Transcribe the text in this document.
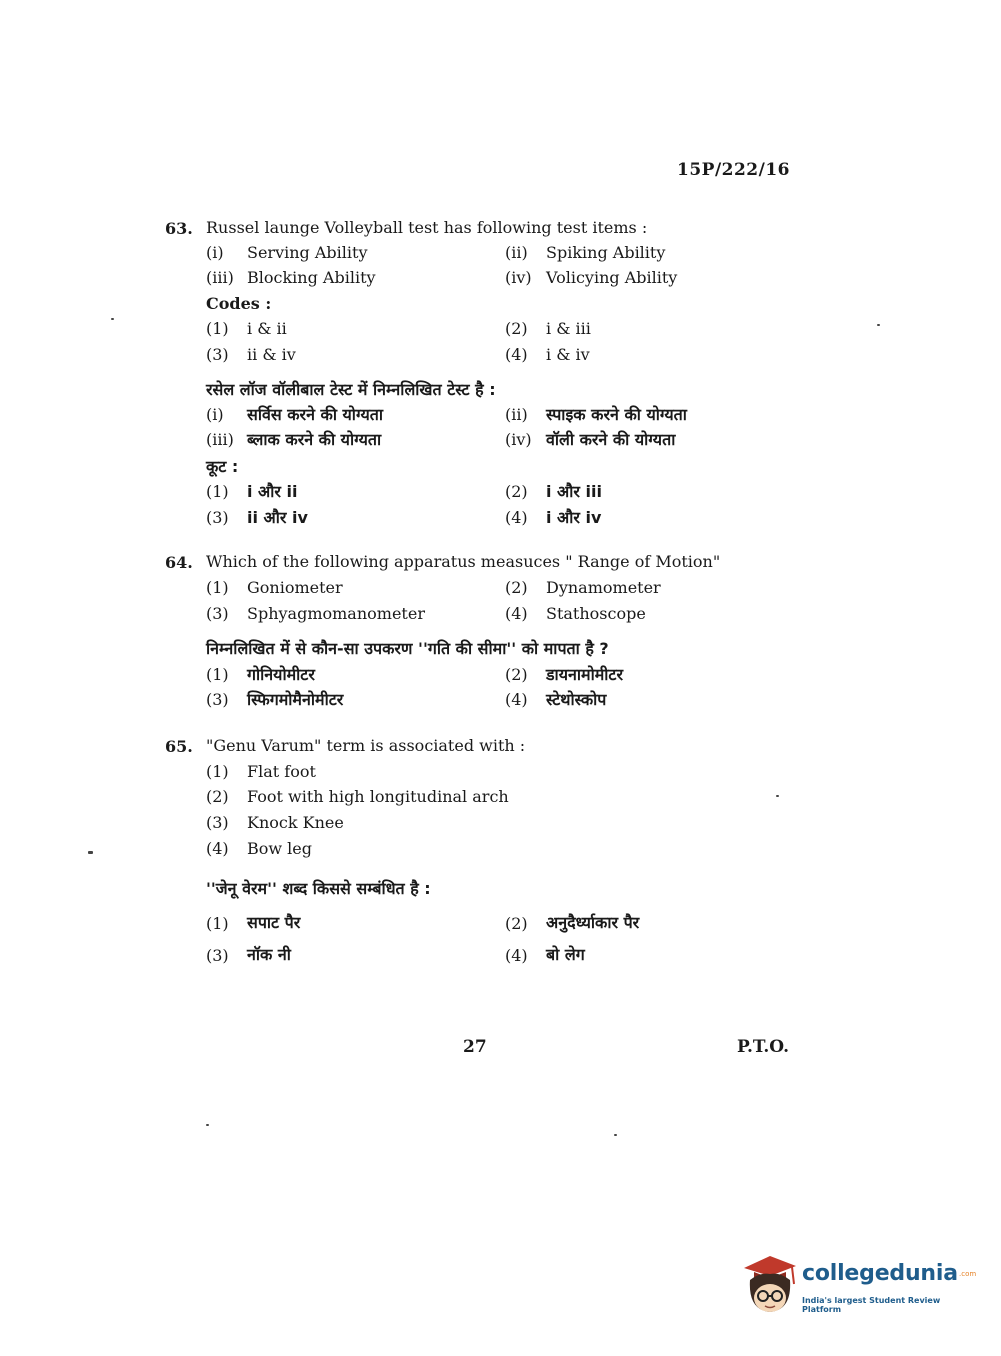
15P/222/16
63. Russel launge Volleyball test has following test items :
(i) Serving Ability	(ii) Spiking Ability
(iii) Blocking Ability	(iv) Volicying Ability
Codes :
(1) i & ii	(2) i & iii
(3) ii & iv	(4) i & iv
रसेल लॉज वॉलीबाल टेस्ट में निम्नलिखित टेस्ट है :
(i) सर्विस करने की योग्यता	(ii) स्पाइक करने की योग्यता
(iii) ब्लाक करने की योग्यता	(iv) वॉली करने की योग्यता
कूट :
(1) i और ii	(2) i और iii
(3) ii और iv	(4) i और iv
64. Which of the following apparatus measuces " Range of Motion"
(1) Goniometer	(2) Dynamometer
(3) Sphyagmomanometer	(4) Stathoscope
निम्नलिखित में से कौन-सा उपकरण ''गति की सीमा'' को मापता है ?
(1) गोनियोमीटर	(2) डायनामोमीटर
(3) स्फिगमोमैनोमीटर	(4) स्टेथोस्कोप
65. "Genu Varum" term is associated with :
(1) Flat foot
(2) Foot with high longitudinal arch
(3) Knock Knee
(4) Bow leg
''जेनू वेरम'' शब्द किससे सम्बंधित है :
(1) सपाट पैर	(2) अनुदैर्ध्याकार पैर
(3) नॉक नी	(4) बो लेग
27	P.T.O.
collegedunia .com
India's largest Student Review Platform
